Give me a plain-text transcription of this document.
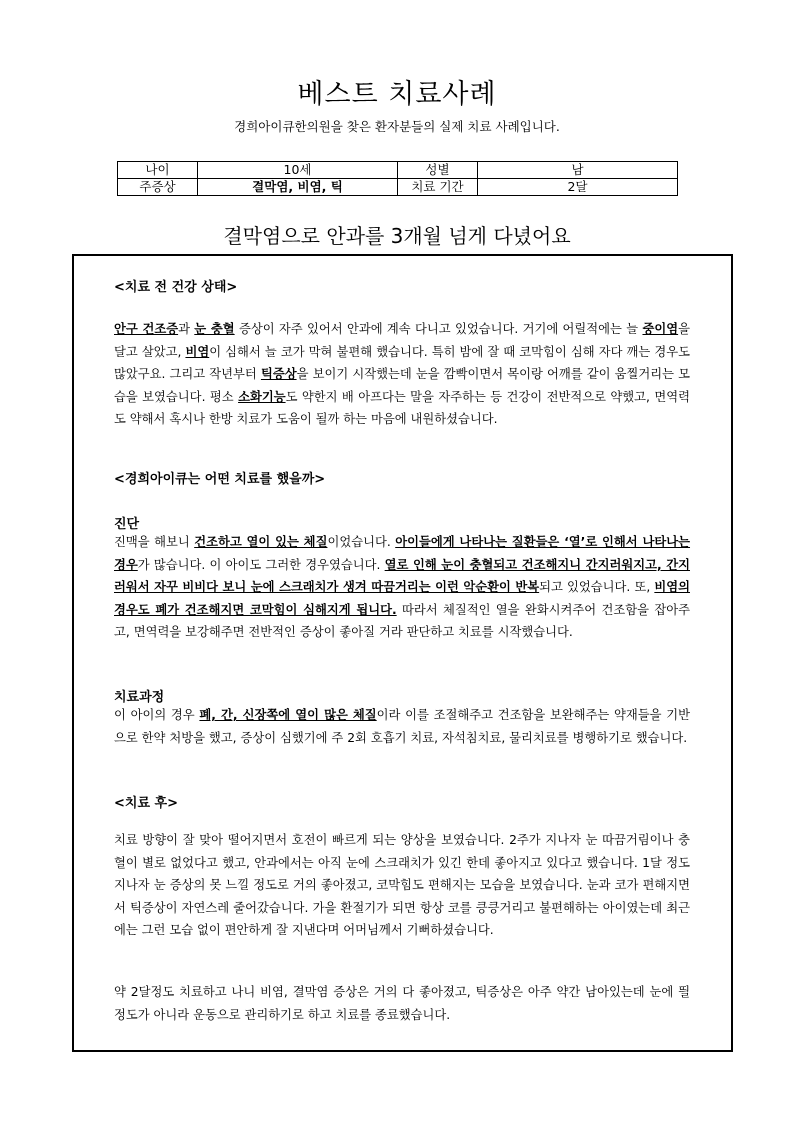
베스트 치료사례
경희아이큐한의원을 찾은 환자분들의 실제 치료 사례입니다.
나이	10세	성별	남
주증상	결막염, 비염, 틱	치료 기간	2달
결막염으로 안과를 3개월 넘게 다녔어요
<치료 전 건강 상태>

안구 건조증과 눈 충혈 증상이 자주 있어서 안과에 계속 다니고 있었습니다. 거기에 어릴적에는 늘 중이염을 달고 살았고, 비염이 심해서 늘 코가 막혀 불편해 했습니다. 특히 밤에 잘 때 코막힘이 심해 자다 깨는 경우도 많았구요. 그리고 작년부터 틱증상을 보이기 시작했는데 눈을 깜빡이면서 목이랑 어깨를 같이 움찔거리는 모습을 보였습니다. 평소 소화기능도 약한지 배 아프다는 말을 자주하는 등 건강이 전반적으로 약했고, 면역력도 약해서 혹시나 한방 치료가 도움이 될까 하는 마음에 내원하셨습니다.

<경희아이큐는 어떤 치료를 했을까>
진단

진맥을 해보니 건조하고 열이 있는 체질이었습니다. 아이들에게 나타나는 질환들은 ‘열’로 인해서 나타나는 경우가 많습니다. 이 아이도 그러한 경우였습니다. 열로 인해 눈이 충혈되고 건조해지니 간지러워지고, 간지러워서 자꾸 비비다 보니 눈에 스크래치가 생겨 따끔거리는 이런 악순환이 반복되고 있었습니다. 또, 비염의 경우도 폐가 건조해지면 코막힘이 심해지게 됩니다. 따라서 체질적인 열을 완화시켜주어 건조함을 잡아주고, 면역력을 보강해주면 전반적인 증상이 좋아질 거라 판단하고 치료를 시작했습니다.

치료과정

이 아이의 경우 폐, 간, 신장쪽에 열이 많은 체질이라 이를 조절해주고 건조함을 보완해주는 약재들을 기반으로 한약 처방을 했고, 증상이 심했기에 주 2회 호흡기 치료, 자석침치료, 물리치료를 병행하기로 했습니다.

<치료 후>

치료 방향이 잘 맞아 떨어지면서 호전이 빠르게 되는 양상을 보였습니다. 2주가 지나자 눈 따끔거림이나 충혈이 별로 없었다고 했고, 안과에서는 아직 눈에 스크래치가 있긴 한데 좋아지고 있다고 했습니다. 1달 정도 지나자 눈 증상의 못 느낄 정도로 거의 좋아졌고, 코막힘도 편해지는 모습을 보였습니다. 눈과 코가 편해지면서 틱증상이 자연스레 줄어갔습니다. 가을 환절기가 되면 항상 코를 킁킁거리고 불편해하는 아이였는데 최근에는 그런 모습 없이 편안하게 잘 지낸다며 어머님께서 기뻐하셨습니다.

약 2달정도 치료하고 나니 비염, 결막염 증상은 거의 다 좋아졌고, 틱증상은 아주 약간 남아있는데 눈에 띌 정도가 아니라 운동으로 관리하기로 하고 치료를 종료했습니다.
